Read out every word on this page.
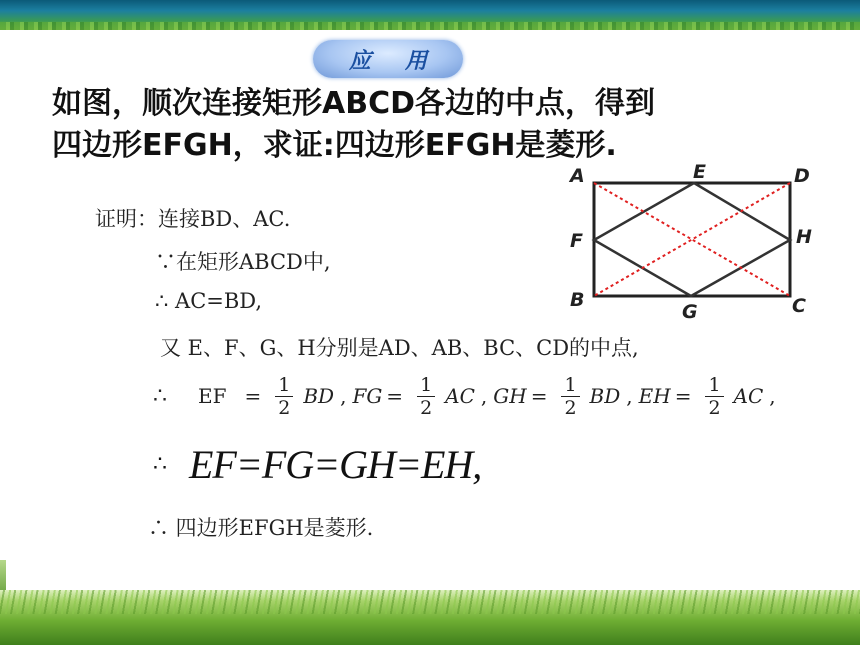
应 用
如图，顺次连接矩形ABCD各边的中点，得到
四边形EFGH，求证:四边形EFGH是菱形.
证明：连接BD、AC.
∵在矩形ABCD中,
∴ AC=BD,
又 E、F、G、H分别是AD、AB、BC、CD的中点,
∴	EF = $\frac{1}{2}$ BD , FG = $\frac{1}{2}$ AC , GH = $\frac{1}{2}$ BD , EH = $\frac{1}{2}$ AC ,
∴ EF=FG=GH=EH,
∴ 四边形EFGH是菱形.
A	E	D
F	H
B
G	C
